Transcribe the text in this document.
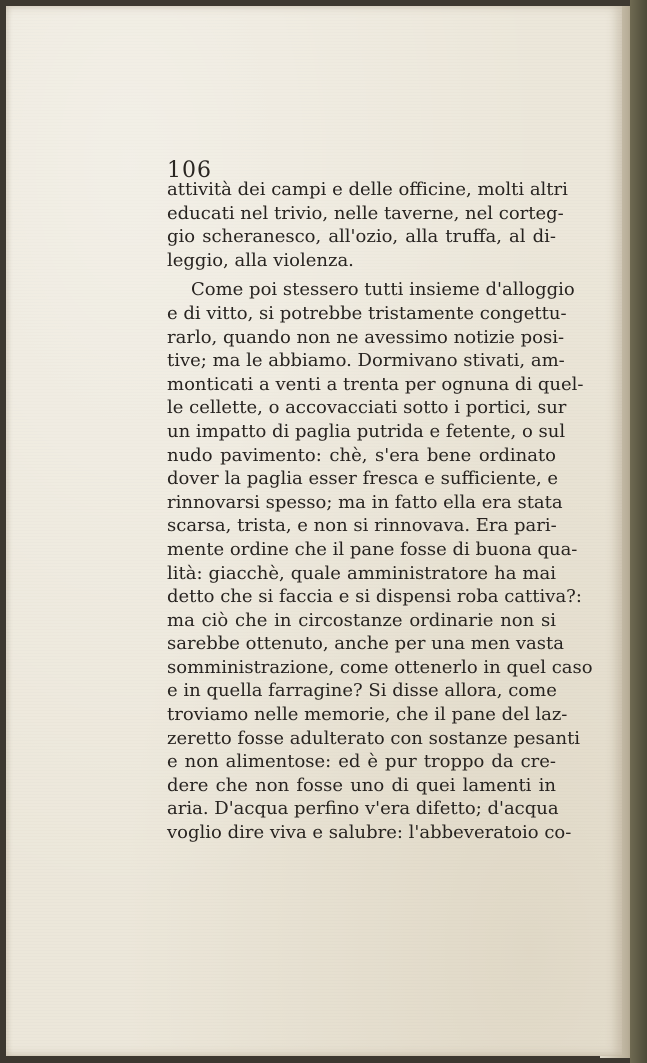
106
attività dei campi e delle officine, molti altri
educati nel trivio, nelle taverne, nel corteg-
gio scheranesco, all'ozio, alla truffa, al di-
leggio, alla violenza.
Come poi stessero tutti insieme d'alloggio
e di vitto, si potrebbe tristamente congettu-
rarlo, quando non ne avessimo notizie posi-
tive; ma le abbiamo. Dormivano stivati, am-
monticati a venti a trenta per ognuna di quel-
le cellette, o accovacciati sotto i portici, sur
un impatto di paglia putrida e fetente, o sul
nudo pavimento: chè, s'era bene ordinato
dover la paglia esser fresca e sufficiente, e
rinnovarsi spesso; ma in fatto ella era stata
scarsa, trista, e non si rinnovava. Era pari-
mente ordine che il pane fosse di buona qua-
lità: giacchè, quale amministratore ha mai
detto che si faccia e si dispensi roba cattiva?:
ma ciò che in circostanze ordinarie non si
sarebbe ottenuto, anche per una men vasta
somministrazione, come ottenerlo in quel caso
e in quella farragine? Si disse allora, come
troviamo nelle memorie, che il pane del laz-
zeretto fosse adulterato con sostanze pesanti
e non alimentose: ed è pur troppo da cre-
dere che non fosse uno di quei lamenti in
aria. D'acqua perfino v'era difetto; d'acqua
voglio dire viva e salubre: l'abbeveratoio co-
